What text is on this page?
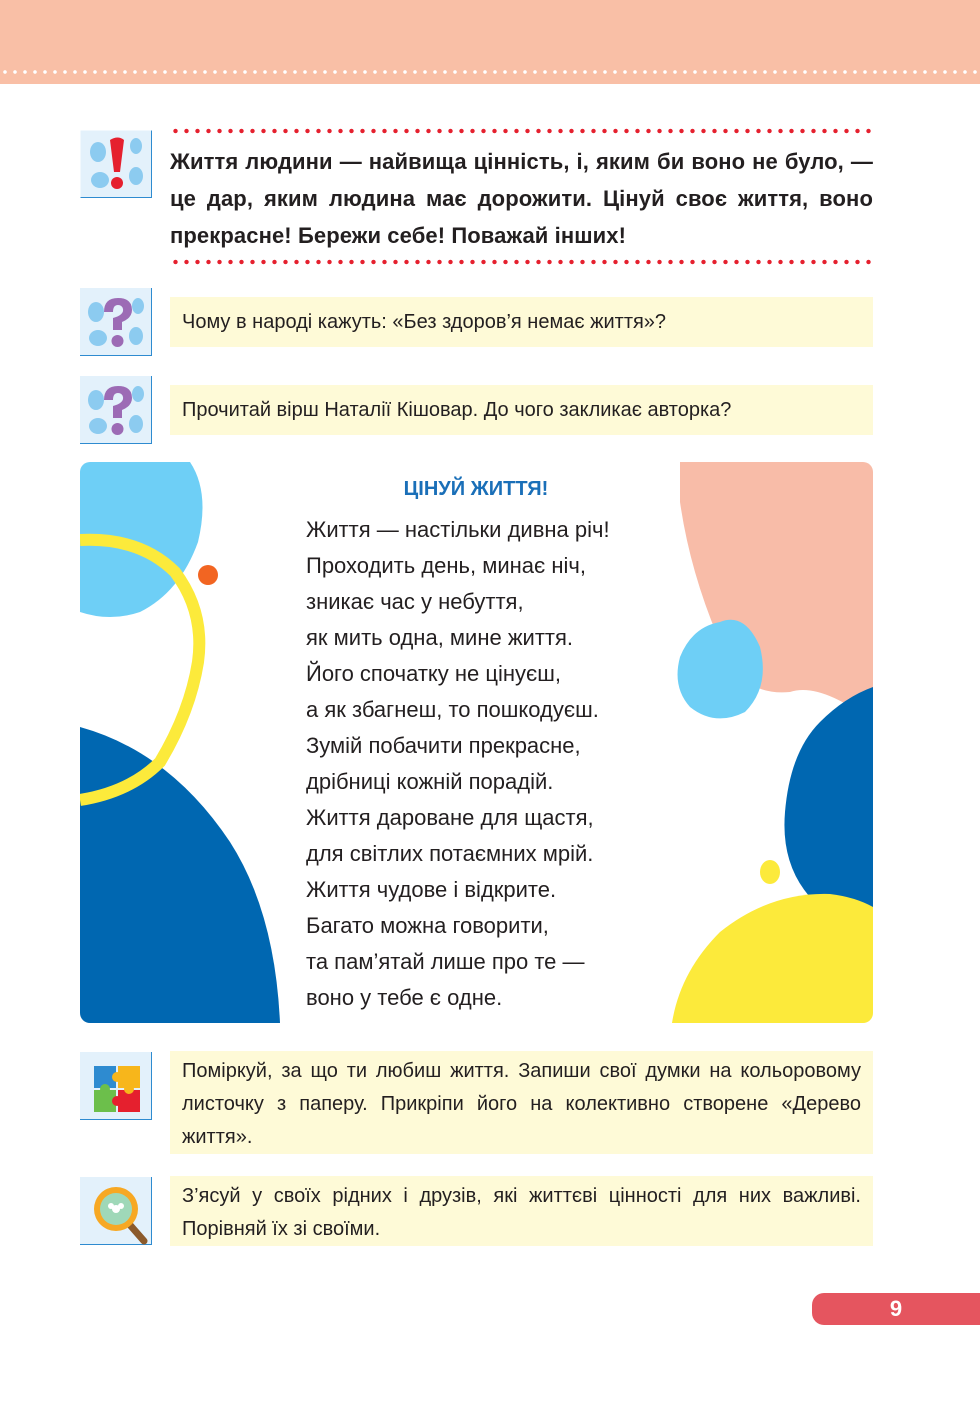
Життя людини — найвища цінність, і, яким би воно не було, — це дар, яким людина має дорожити. Цінуй своє життя, воно прекрасне! Бережи себе! Поважай інших!
Чому в народі кажуть: «Без здоров’я немає життя»?
Прочитай вірш Наталії Кішовар. До чого закликає авторка?
ЦІНУЙ ЖИТТЯ!
Життя — настільки дивна річ!
Проходить день, минає ніч,
зникає час у небуття,
як мить одна, мине життя.
Його спочатку не цінуєш,
а як збагнеш, то пошкодуєш.
Зумій побачити прекрасне,
дрібниці кожній порадій.
Життя дароване для щастя,
для світлих потаємних мрій.
Життя чудове і відкрите.
Багато можна говорити,
та пам’ятай лише про те —
воно у тебе є одне.
Поміркуй, за що ти любиш життя. Запиши свої думки на кольоровому листочку з паперу. Прикріпи його на колективно створене «Дерево життя».
З’ясуй у своїх рідних і друзів, які життєві цінності для них важливі. Порівняй їх зі своїми.
9
